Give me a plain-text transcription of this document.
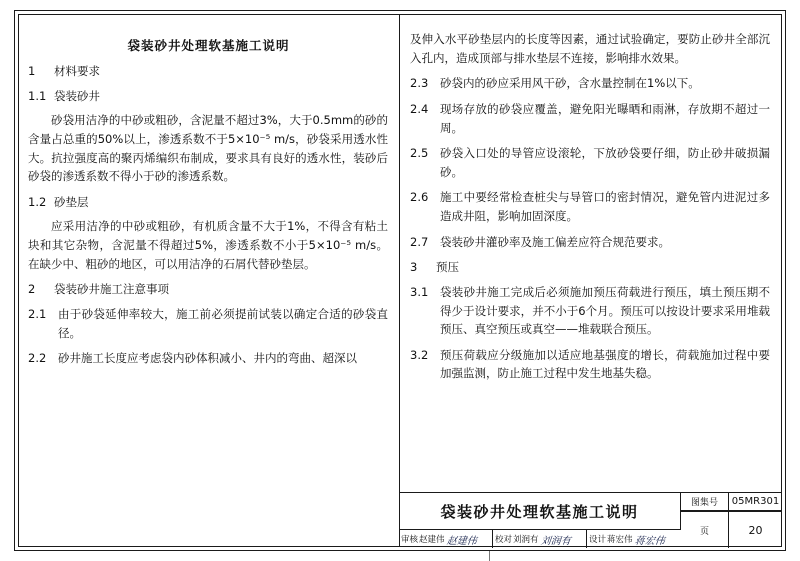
袋装砂井处理软基施工说明
1	材料要求
1.1 袋装砂井
砂袋用洁净的中砂或粗砂，含泥量不超过3%，大于0.5mm的砂的含量占总重的50%以上，渗透系数不于5×10⁻⁵ m/s，砂袋采用透水性大。抗拉强度高的聚丙烯编织布制成，要求具有良好的透水性，装砂后砂袋的渗透系数不得小于砂的渗透系数。
1.2 砂垫层
应采用洁净的中砂或粗砂，有机质含量不大于1%，不得含有粘土块和其它杂物，含泥量不得超过5%，渗透系数不小于5×10⁻⁵ m/s。在缺少中、粗砂的地区，可以用洁净的石屑代替砂垫层。
2	袋装砂井施工注意事项
2.1	由于砂袋延伸率较大，施工前必须提前试装以确定合适的砂袋直径。
2.2	砂井施工长度应考虑袋内砂体积减小、井内的弯曲、超深以
及伸入水平砂垫层内的长度等因素，通过试验确定，要防止砂井全部沉入孔内，造成顶部与排水垫层不连接，影响排水效果。
2.3	砂袋内的砂应采用风干砂，含水量控制在1%以下。
2.4	现场存放的砂袋应覆盖，避免阳光曝晒和雨淋，存放期不超过一周。
2.5	砂袋入口处的导管应设滚轮，下放砂袋要仔细，防止砂井破损漏砂。
2.6	施工中要经常检查桩尖与导管口的密封情况，避免管内进泥过多造成井阻，影响加固深度。
2.7	袋装砂井灌砂率及施工偏差应符合规范要求。
3	预压
3.1	袋装砂井施工完成后必须施加预压荷载进行预压，填土预压期不得少于设计要求，并不小于6个月。预压可以按设计要求采用堆载预压、真空预压或真空——堆载联合预压。
3.2	预压荷载应分级施加以适应地基强度的增长，荷载施加过程中要加强监测，防止施工过程中发生地基失稳。
袋装砂井处理软基施工说明	图集号	05MR301
页	20
审核 赵建伟 赵建伟	校对 刘润有 刘润有	设计 蒋宏伟 蒋宏伟
